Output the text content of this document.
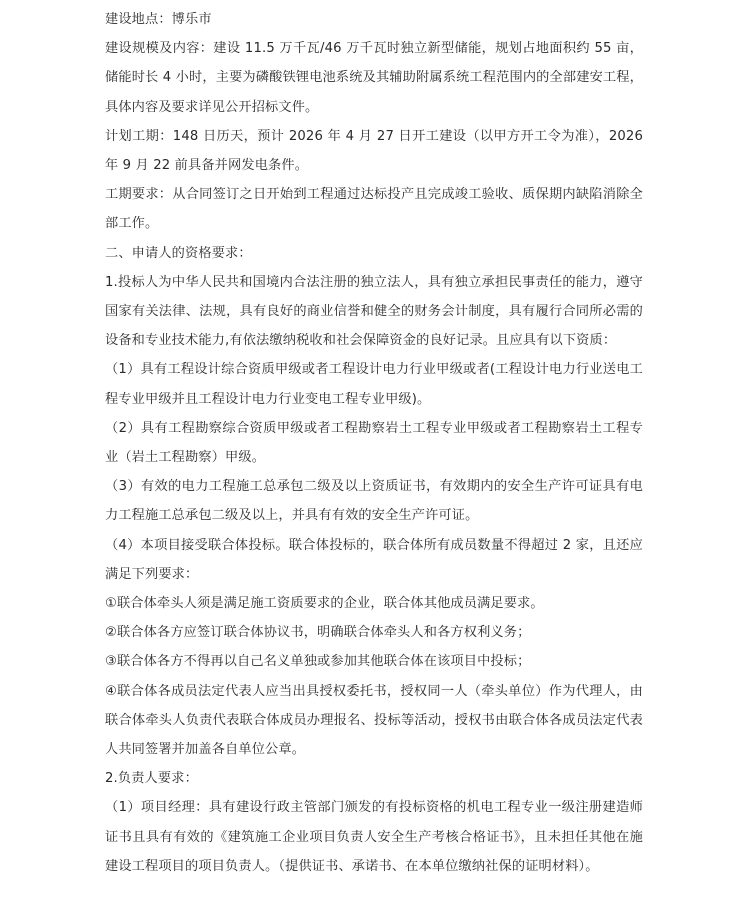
建设地点：博乐市

建设规模及内容：建设 11.5 万千瓦/46 万千瓦时独立新型储能，规划占地面积约 55 亩，储能时长 4 小时，主要为磷酸铁锂电池系统及其辅助附属系统工程范围内的全部建安工程，具体内容及要求详见公开招标文件。

计划工期：148 日历天，预计 2026 年 4 月 27 日开工建设（以甲方开工令为准），2026 年 9 月 22 前具备并网发电条件。

工期要求：从合同签订之日开始到工程通过达标投产且完成竣工验收、质保期内缺陷消除全部工作。

二、申请人的资格要求：

1.投标人为中华人民共和国境内合法注册的独立法人，具有独立承担民事责任的能力，遵守国家有关法律、法规，具有良好的商业信誉和健全的财务会计制度，具有履行合同所必需的设备和专业技术能力,有依法缴纳税收和社会保障资金的良好记录。且应具有以下资质：

（1）具有工程设计综合资质甲级或者工程设计电力行业甲级或者(工程设计电力行业送电工程专业甲级并且工程设计电力行业变电工程专业甲级)。

（2）具有工程勘察综合资质甲级或者工程勘察岩土工程专业甲级或者工程勘察岩土工程专业（岩土工程勘察）甲级。

（3）有效的电力工程施工总承包二级及以上资质证书，有效期内的安全生产许可证具有电力工程施工总承包二级及以上，并具有有效的安全生产许可证。

（4）本项目接受联合体投标。联合体投标的，联合体所有成员数量不得超过 2 家，且还应满足下列要求：

①联合体牵头人须是满足施工资质要求的企业，联合体其他成员满足要求。

②联合体各方应签订联合体协议书，明确联合体牵头人和各方权利义务；

③联合体各方不得再以自己名义单独或参加其他联合体在该项目中投标；

④联合体各成员法定代表人应当出具授权委托书，授权同一人（牵头单位）作为代理人，由联合体牵头人负责代表联合体成员办理报名、投标等活动，授权书由联合体各成员法定代表人共同签署并加盖各自单位公章。

2.负责人要求：

（1）项目经理：具有建设行政主管部门颁发的有投标资格的机电工程专业一级注册建造师证书且具有有效的《建筑施工企业项目负责人安全生产考核合格证书》，且未担任其他在施建设工程项目的项目负责人。（提供证书、承诺书、在本单位缴纳社保的证明材料）。
